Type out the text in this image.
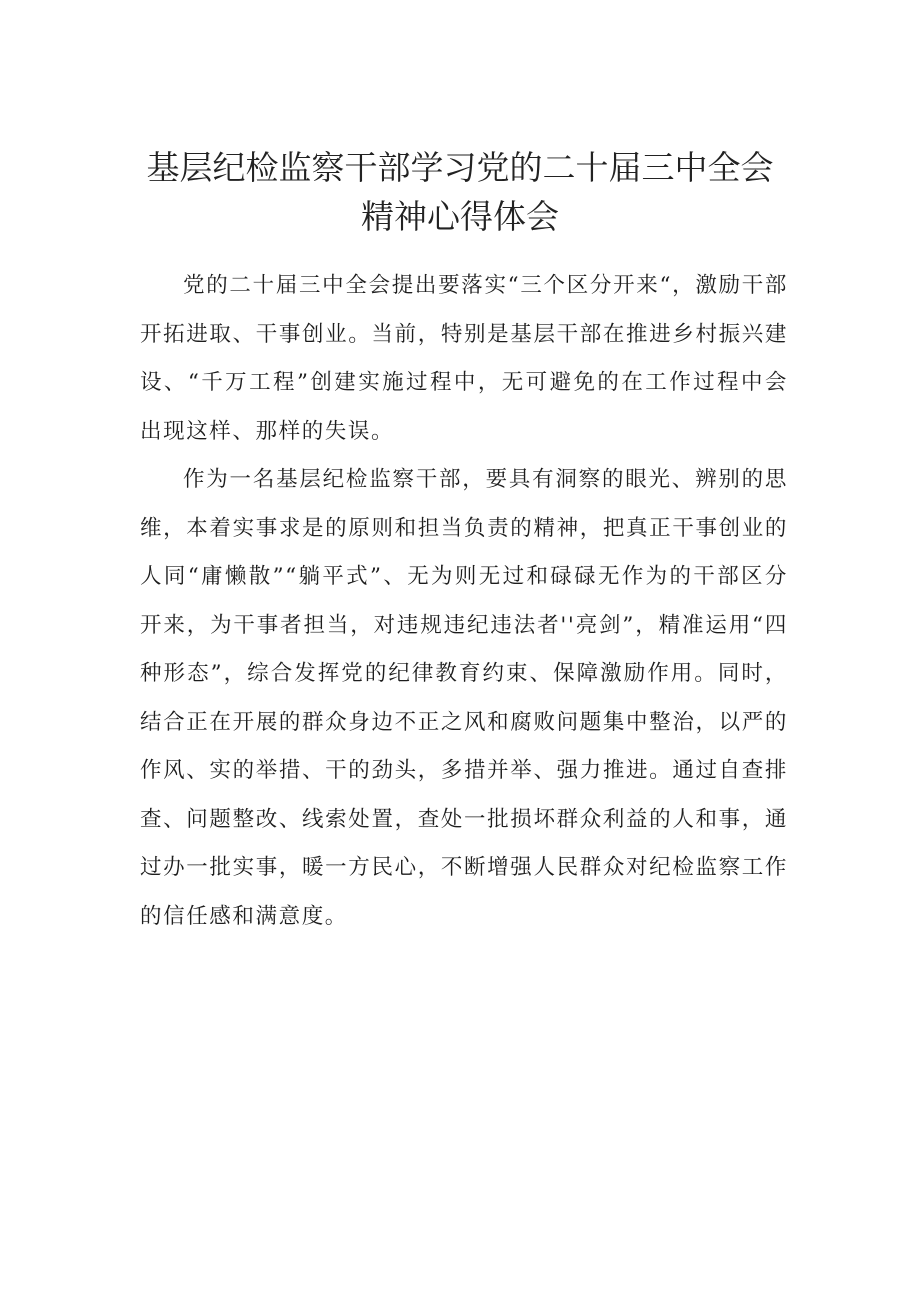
基层纪检监察干部学习党的二十届三中全会
精神心得体会

党的二十届三中全会提出要落实“三个区分开来“，激励干部开拓进取、干事创业。当前，特别是基层干部在推进乡村振兴建设、“千万工程”创建实施过程中，无可避免的在工作过程中会出现这样、那样的失误。

作为一名基层纪检监察干部，要具有洞察的眼光、辨别的思维，本着实事求是的原则和担当负责的精神，把真正干事创业的人同“庸懒散”“躺平式”、无为则无过和碌碌无作为的干部区分开来，为干事者担当，对违规违纪违法者''亮剑”，精准运用“四种形态”，综合发挥党的纪律教育约束、保障激励作用。同时，结合正在开展的群众身边不正之风和腐败问题集中整治，以严的作风、实的举措、干的劲头，多措并举、强力推进。通过自查排查、问题整改、线索处置，查处一批损坏群众利益的人和事，通过办一批实事，暖一方民心，不断增强人民群众对纪检监察工作的信任感和满意度。
